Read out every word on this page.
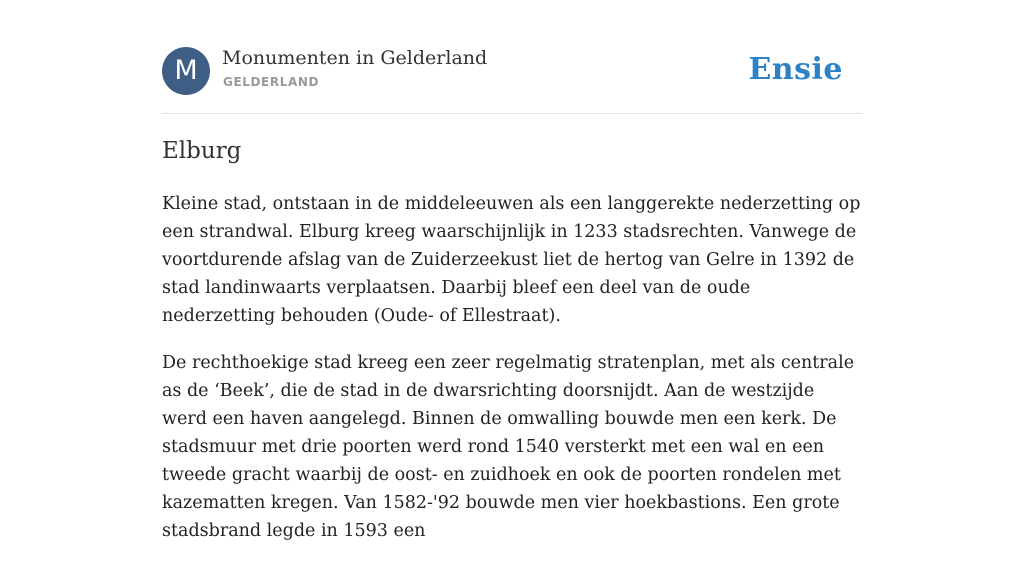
M	Monumenten in Gelderland
GELDERLAND	Ensie
Elburg

Kleine stad, ontstaan in de middeleeuwen als een langgerekte nederzetting op een strandwal. Elburg kreeg waarschijnlijk in 1233 stadsrechten. Vanwege de voortdurende afslag van de Zuiderzeekust liet de hertog van Gelre in 1392 de stad landinwaarts verplaatsen. Daarbij bleef een deel van de oude nederzetting behouden (Oude- of Ellestraat).

De rechthoekige stad kreeg een zeer regelmatig stratenplan, met als centrale as de ‘Beek’, die de stad in de dwarsrichting doorsnijdt. Aan de westzijde werd een haven aangelegd. Binnen de omwalling bouwde men een kerk. De stadsmuur met drie poorten werd rond 1540 versterkt met een wal en een tweede gracht waarbij de oost- en zuidhoek en ook de poorten rondelen met kazematten kregen. Van 1582-'92 bouwde men vier hoekbastions. Een grote stadsbrand legde in 1593 een
